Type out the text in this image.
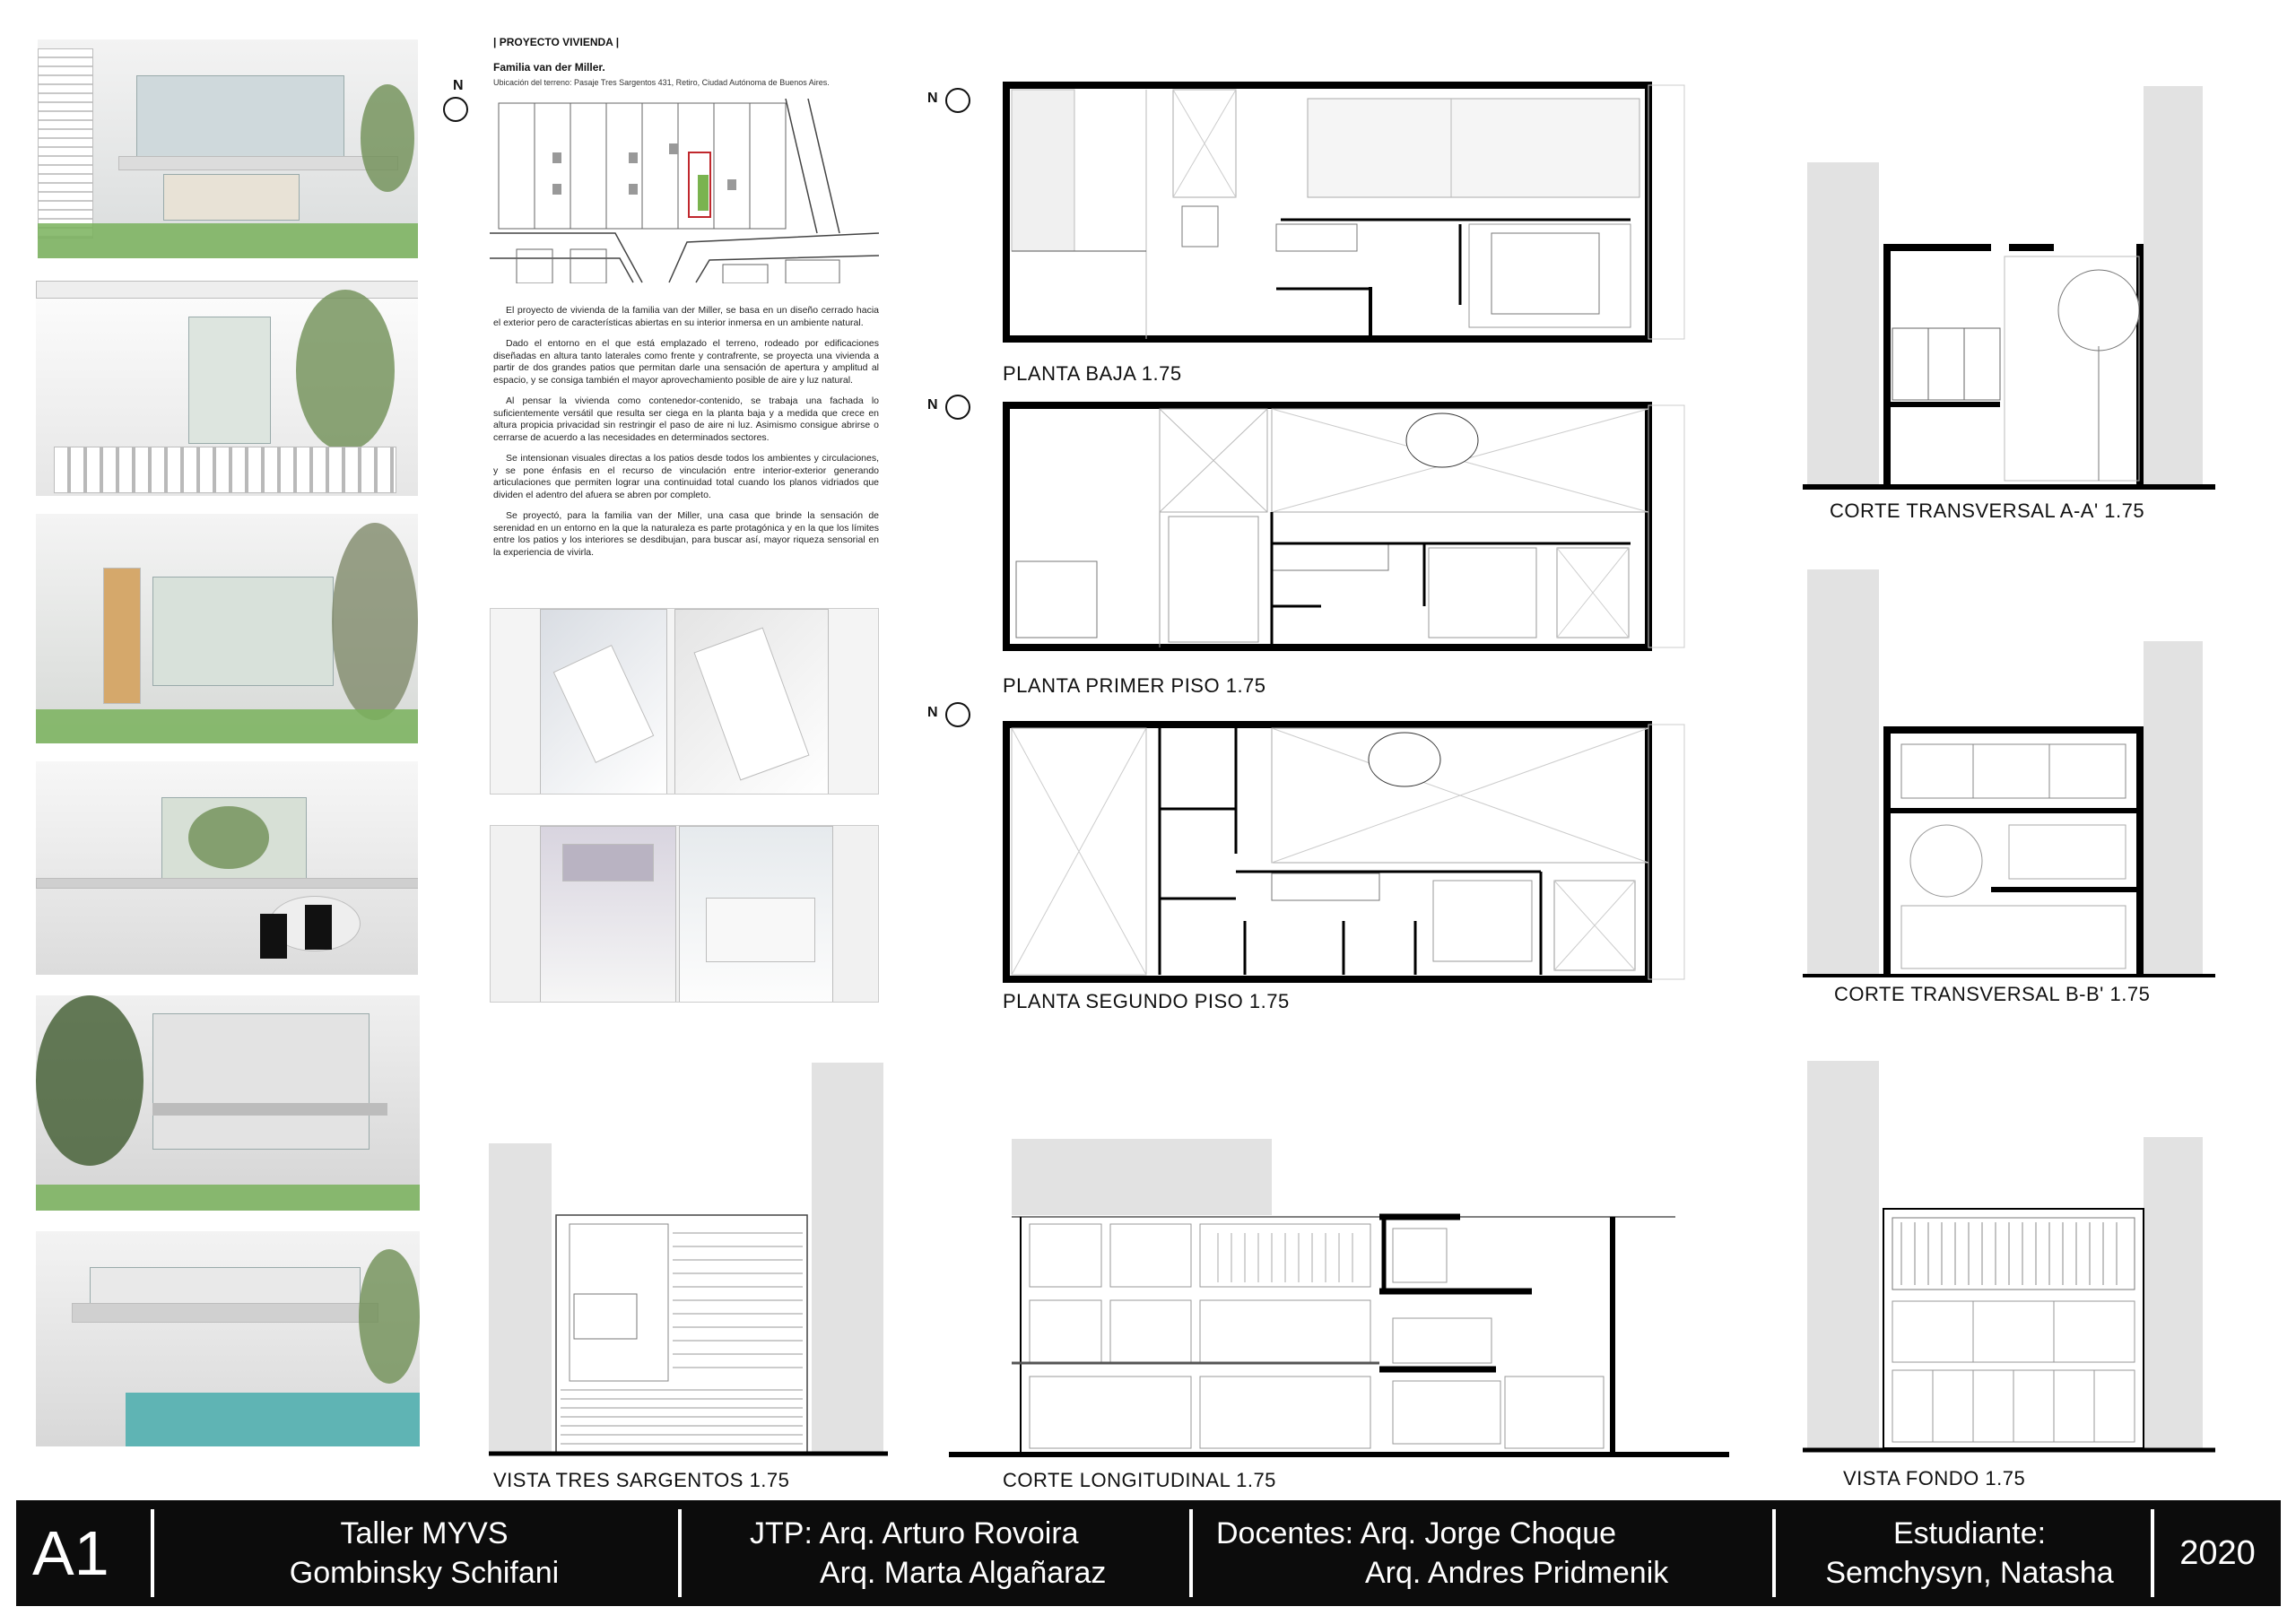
| PROYECTO VIVIENDA |
Familia van der Miller.
Ubicación del terreno: Pasaje Tres Sargentos 431, Retiro, Ciudad Autónoma de Buenos Aires.
N

El proyecto de vivienda de la familia van der Miller, se basa en un diseño cerrado hacia el exterior pero de características abiertas en su interior inmersa en un ambiente natural.

Dado el entorno en el que está emplazado el terreno, rodeado por edificaciones diseñadas en altura tanto laterales como frente y contrafrente, se proyecta una vivienda a partir de dos grandes patios que permitan darle una sensación de apertura y amplitud al espacio, y se consiga también el mayor aprovechamiento posible de aire y luz natural.

Al pensar la vivienda como contenedor-contenido, se trabaja una fachada lo suficientemente versátil que resulta ser ciega en la planta baja y a medida que crece en altura propicia privacidad sin restringir el paso de aire ni luz. Asimismo consigue abrirse o cerrarse de acuerdo a las necesidades en determinados sectores.

Se intensionan visuales directas a los patios desde todos los ambientes y circulaciones, y se pone énfasis en el recurso de vinculación entre interior-exterior generando articulaciones que permiten lograr una continuidad total cuando los planos vidriados que dividen el adentro del afuera se abren por completo.

Se proyectó, para la familia van der Miller, una casa que brinde la sensación de serenidad en un entorno en la que la naturaleza es parte protagónica y en la que los límites entre los patios y los interiores se desdibujan, para buscar así, mayor riqueza sensorial en la experiencia de vivirla.

N
N
N
PLANTA BAJA 1.75
PLANTA PRIMER PISO 1.75
PLANTA SEGUNDO PISO 1.75
CORTE TRANSVERSAL A-A' 1.75
CORTE TRANSVERSAL B-B' 1.75
VISTA FONDO 1.75
VISTA TRES SARGENTOS 1.75	CORTE LONGITUDINAL 1.75
A1	Taller MYVS
Gombinsky Schifani
JTP: Arq. Arturo Rovoira
Arq. Marta Algañaraz
Docentes: Arq. Jorge Choque
Arq. Andres Pridmenik
Estudiante:
Semchysyn, Natasha
2020
